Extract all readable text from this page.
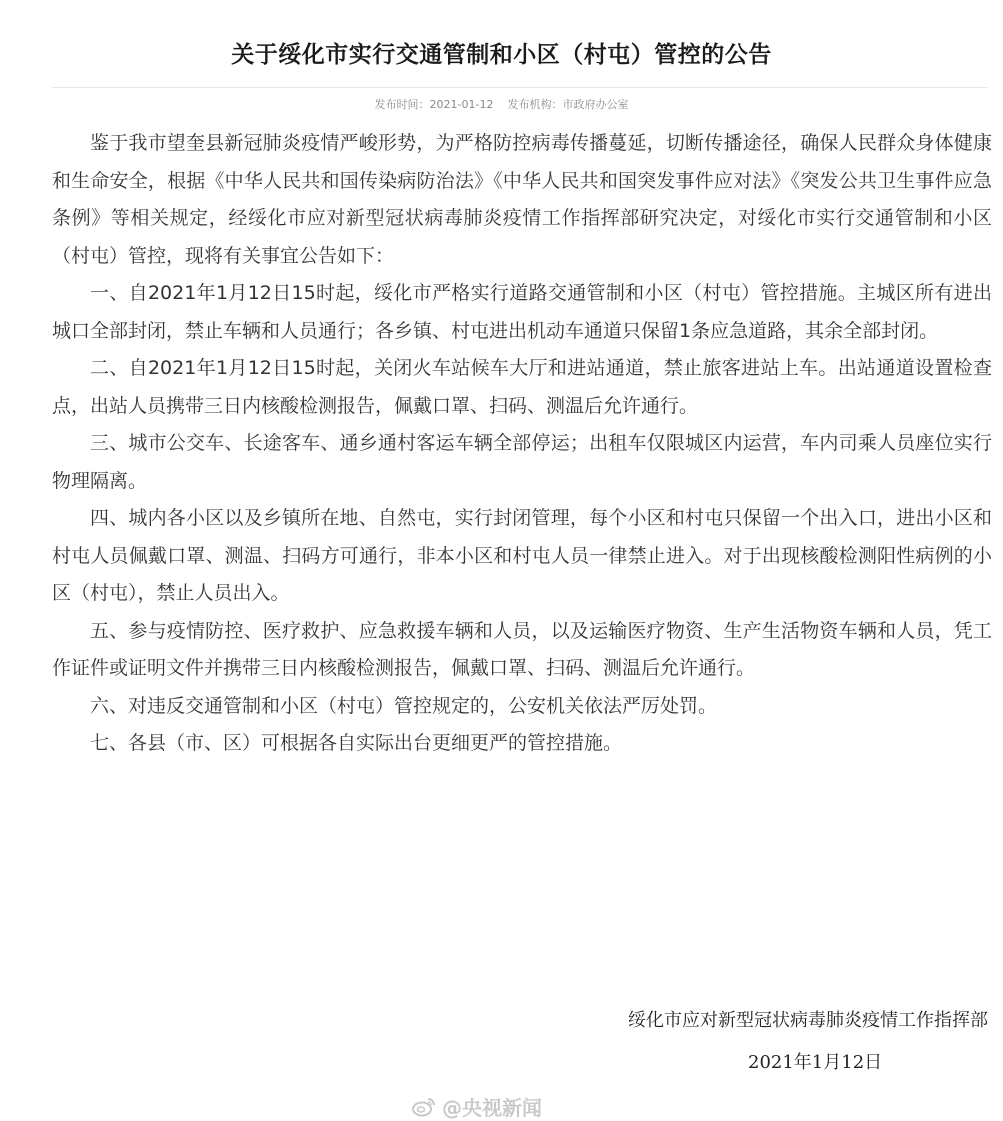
关于绥化市实行交通管制和小区（村屯）管控的公告
发布时间：2021-01-12 发布机构：市政府办公室

鉴于我市望奎县新冠肺炎疫情严峻形势，为严格防控病毒传播蔓延，切断传播途径，确保人民群众身体健康和生命安全，根据《中华人民共和国传染病防治法》《中华人民共和国突发事件应对法》《突发公共卫生事件应急条例》等相关规定，经绥化市应对新型冠状病毒肺炎疫情工作指挥部研究决定，对绥化市实行交通管制和小区（村屯）管控，现将有关事宜公告如下：

一、自2021年1月12日15时起，绥化市严格实行道路交通管制和小区（村屯）管控措施。主城区所有进出城口全部封闭，禁止车辆和人员通行；各乡镇、村屯进出机动车通道只保留1条应急道路，其余全部封闭。

二、自2021年1月12日15时起，关闭火车站候车大厅和进站通道，禁止旅客进站上车。出站通道设置检查点，出站人员携带三日内核酸检测报告，佩戴口罩、扫码、测温后允许通行。

三、城市公交车、长途客车、通乡通村客运车辆全部停运；出租车仅限城区内运营，车内司乘人员座位实行物理隔离。

四、城内各小区以及乡镇所在地、自然屯，实行封闭管理，每个小区和村屯只保留一个出入口，进出小区和村屯人员佩戴口罩、测温、扫码方可通行，非本小区和村屯人员一律禁止进入。对于出现核酸检测阳性病例的小区（村屯），禁止人员出入。

五、参与疫情防控、医疗救护、应急救援车辆和人员，以及运输医疗物资、生产生活物资车辆和人员，凭工作证件或证明文件并携带三日内核酸检测报告，佩戴口罩、扫码、测温后允许通行。

六、对违反交通管制和小区（村屯）管控规定的，公安机关依法严厉处罚。

七、各县（市、区）可根据各自实际出台更细更严的管控措施。

绥化市应对新型冠状病毒肺炎疫情工作指挥部
2021年1月12日
@央视新闻
